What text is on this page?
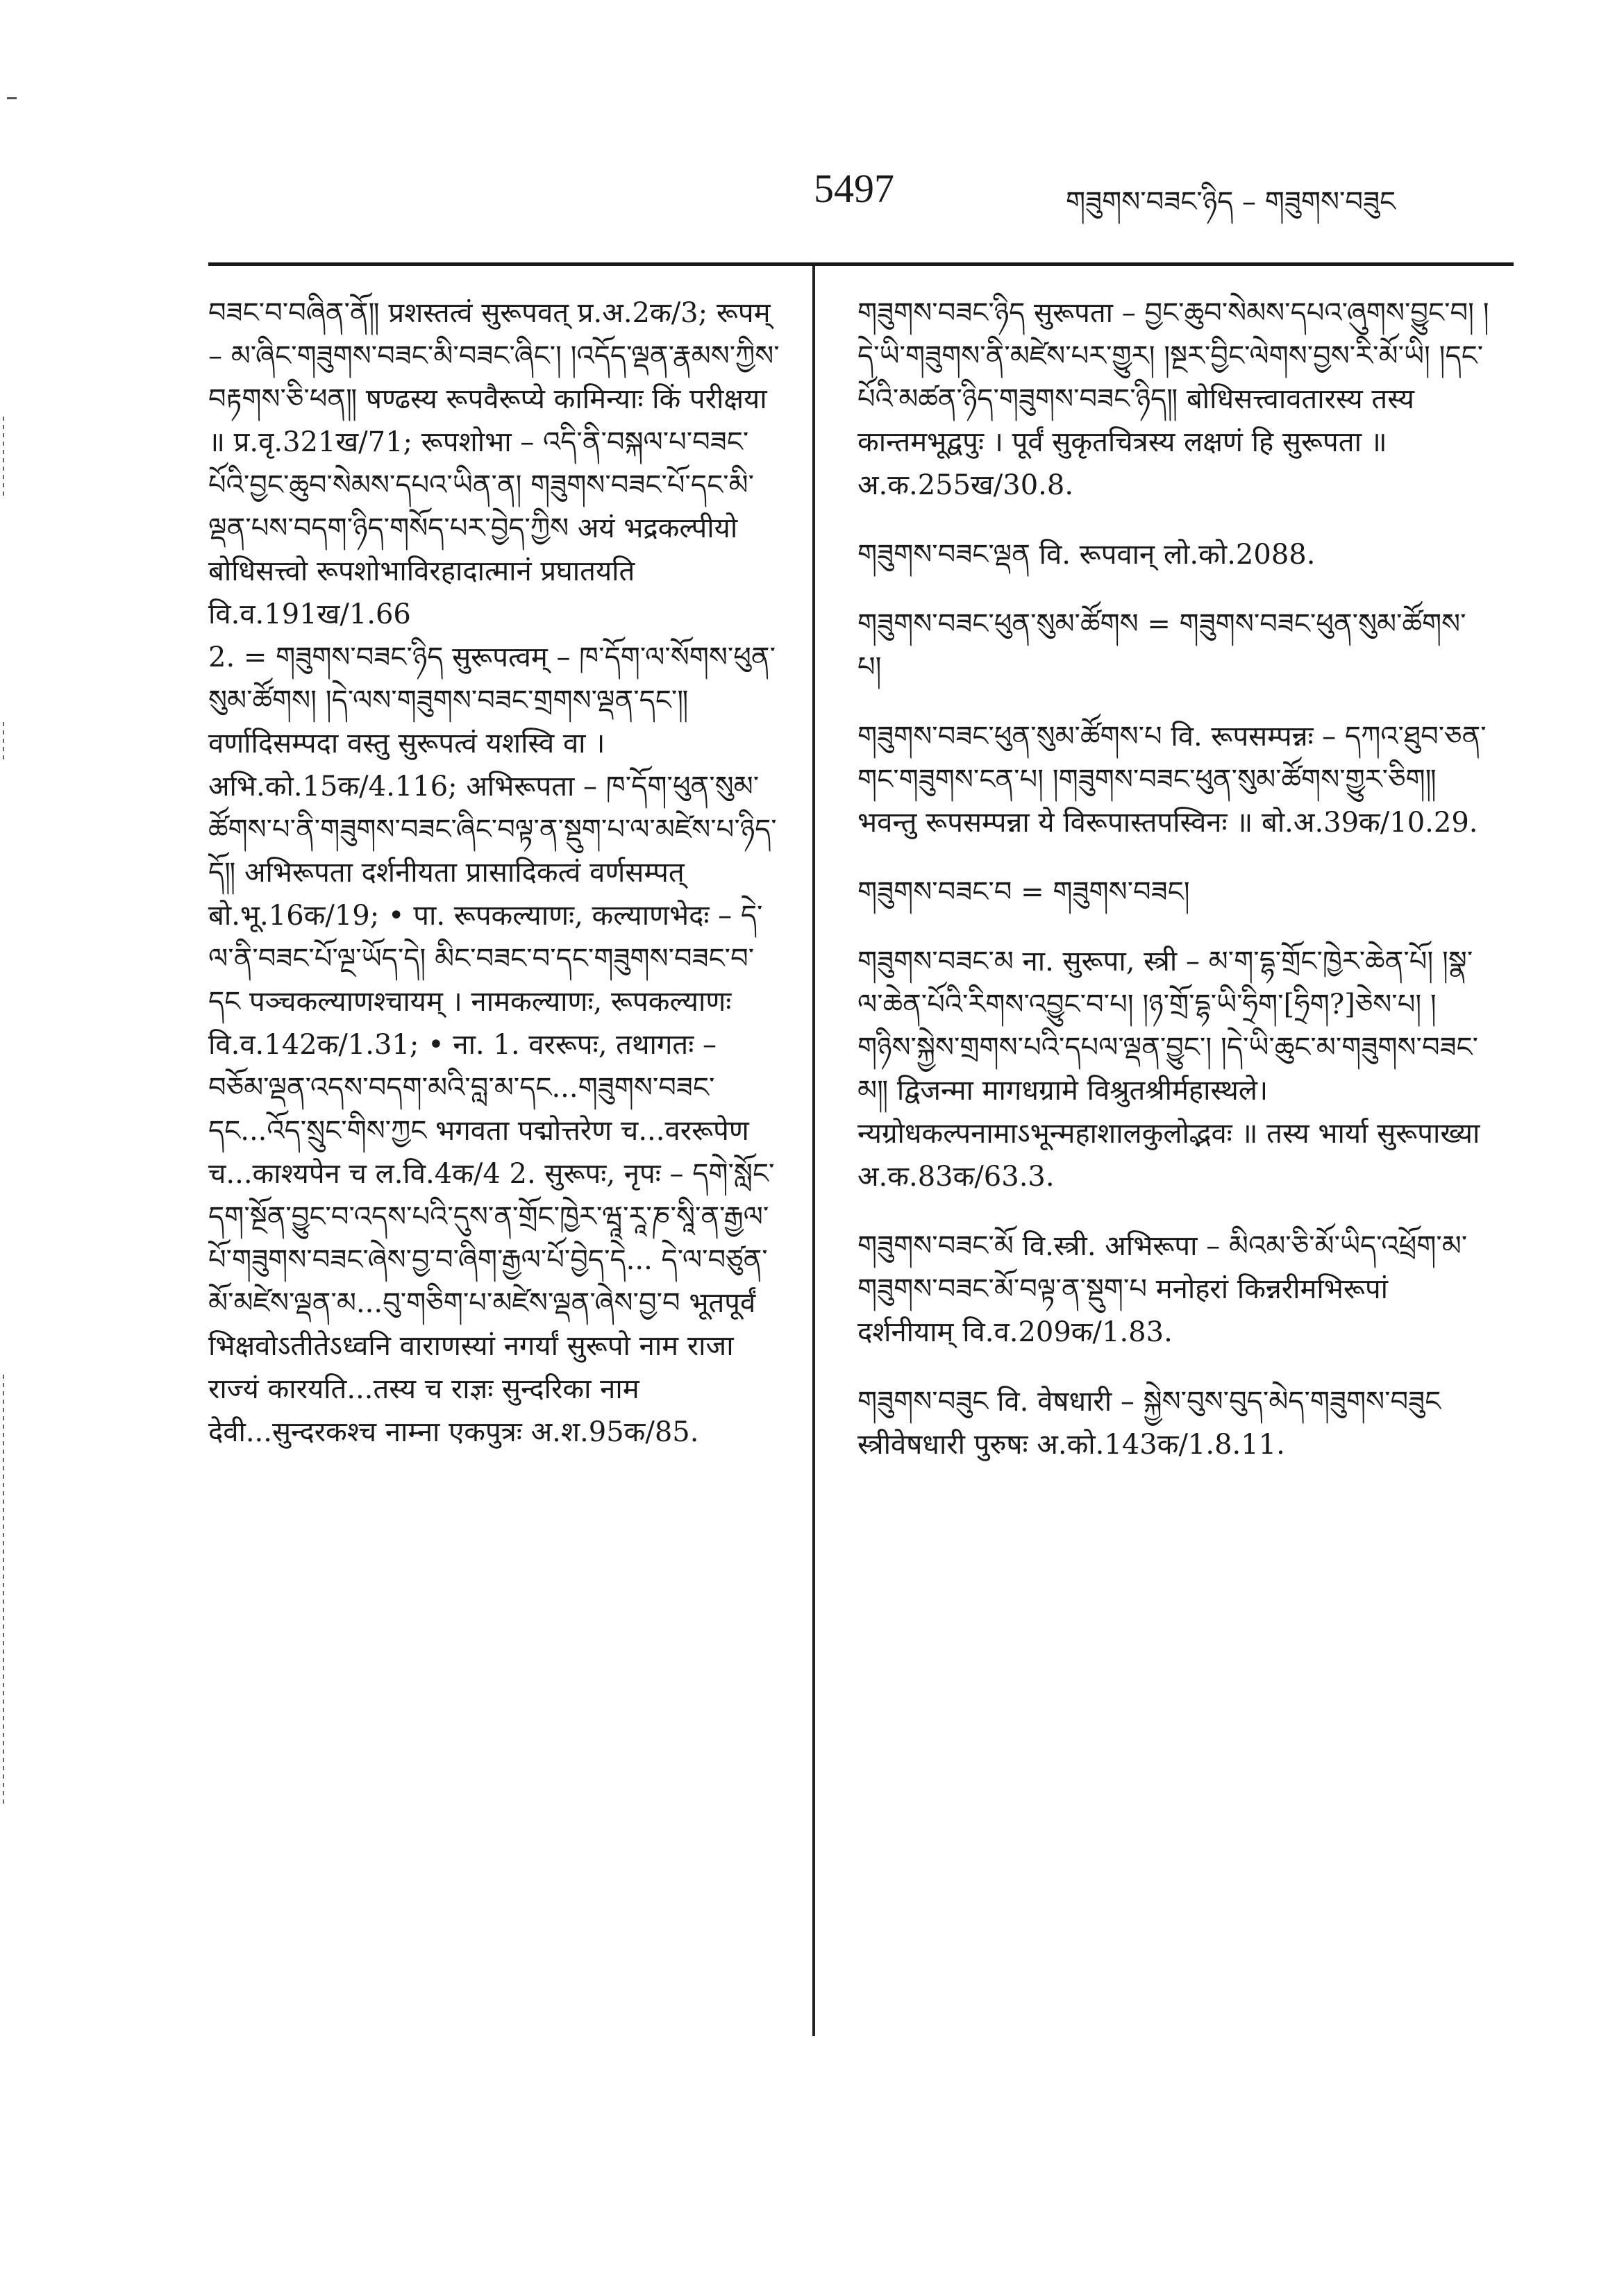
5497	གཟུགས་བཟང་ཉིད – གཟུགས་བཟུང
བཟང་བ་བཞིན་ནོ༎ प्रशस्तत्वं सुरूपवत् प्र.अ.2क/3; रूपम् – མ་ཞིང་གཟུགས་བཟང་མི་བཟང་ཞིང་། །འདོད་ལྡན་རྣམས་ཀྱིས་བརྟགས་ཅི་ཕན༎ षण्ढस्य रूपवैरूप्ये कामिन्याः किं परीक्षया ॥ प्र.वृ.321ख/71; रूपशोभा – འདི་ནི་བསྐལ་པ་བཟང་པོའི་བྱང་ཆུབ་སེམས་དཔའ་ཡིན་ན། གཟུགས་བཟང་པོ་དང་མི་ལྡན་པས་བདག་ཉིད་གསོད་པར་བྱེད་ཀྱིས अयं भद्रकल्पीयो बोधिसत्त्वो रूपशोभाविरहादात्मानं प्रघातयति वि.व.191ख/1.66
2. = གཟུགས་བཟང་ཉིད सुरूपत्वम् – ཁ་དོག་ལ་སོགས་ཕུན་སུམ་ཚོགས། །དེ་ལས་གཟུགས་བཟང་གྲགས་ལྡན་དང་༎ वर्णादिसम्पदा वस्तु सुरूपत्वं यशस्वि वा । अभि.को.15क/4.116; अभिरूपता – ཁ་དོག་ཕུན་སུམ་ཚོགས་པ་ནི་གཟུགས་བཟང་ཞིང་བལྟ་ན་སྡུག་པ་ལ་མཛེས་པ་ཉིད་དོ༎ अभिरूपता दर्शनीयता प्रासादिकत्वं वर्णसम्पत् बो.भू.16क/19; • पा. रूपकल्याणः, कल्याणभेदः – དེ་ལ་ནི་བཟང་པོ་ལྔ་ཡོད་དེ། མིང་བཟང་བ་དང་གཟུགས་བཟང་བ་དང पञ्चकल्याणश्चायम् । नामकल्याणः, रूपकल्याणः वि.व.142क/1.31; • ना. 1. वररूपः, तथागतः – བཅོམ་ལྡན་འདས་བདག་མའི་བླ་མ་དང...གཟུགས་བཟང་དང...འོད་སྲུང་གིས་ཀྱང भगवता पद्मोत्तरेण च...वररूपेण च...काश्यपेन च ल.वि.4क/4 2. सुरूपः, नृपः – དགེ་སློང་དག་སྔོན་བྱུང་བ་འདས་པའི་དུས་ན་གྲོང་ཁྱེར་ཝཱ་རཱ་ཎ་སཱི་ན་རྒྱལ་པོ་གཟུགས་བཟང་ཞེས་བྱ་བ་ཞིག་རྒྱལ་པོ་བྱེད་དེ... དེ་ལ་བཙུན་མོ་མཛེས་ལྡན་མ...བུ་གཅིག་པ་མཛེས་ལྡན་ཞེས་བྱ་བ भूतपूर्वं भिक्षवोऽतीतेऽध्वनि वाराणस्यां नगर्यां सुरूपो नाम राजा राज्यं कारयति...तस्य च राज्ञः सुन्दरिका नाम देवी...सुन्दरकश्च नाम्ना एकपुत्रः अ.श.95क/85.
གཟུགས་བཟང་ཉིད सुरूपता – བྱང་ཆུབ་སེམས་དཔའ་ཞུགས་བྱུང་བ། །དེ་ཡི་གཟུགས་ནི་མཛེས་པར་གྱུར། །སྔར་བྱིང་ལེགས་བྱས་རི་མོ་ཡི། །དང་པོའི་མཚན་ཉིད་གཟུགས་བཟང་ཉིད༎ बोधिसत्त्वावतारस्य तस्य कान्तमभूद्वपुः । पूर्वं सुकृतचित्रस्य लक्षणं हि सुरूपता ॥ अ.क.255ख/30.8.
གཟུགས་བཟང་ལྡན वि. रूपवान् लो.को.2088.
གཟུགས་བཟང་ཕུན་སུམ་ཚོགས = གཟུགས་བཟང་ཕུན་སུམ་ཚོགས་པ།
གཟུགས་བཟང་ཕུན་སུམ་ཚོགས་པ वि. रूपसम्पन्नः – དཀའ་ཐུབ་ཅན་གང་གཟུགས་ངན་པ། །གཟུགས་བཟང་ཕུན་སུམ་ཚོགས་གྱུར་ཅིག༎ भवन्तु रूपसम्पन्ना ये विरूपास्तपस्विनः ॥ बो.अ.39क/10.29.
གཟུགས་བཟང་བ = གཟུགས་བཟང།
གཟུགས་བཟང་མ ना. सुरूपा, स्त्री – མ་ག་དྷ་གྲོང་ཁྱེར་ཆེན་པོ། །སྣ་ལ་ཆེན་པོའི་རིགས་འབྱུང་བ་པ། །ཉ་གྲོ་དྷ་ཡི་ཧྲིག་[ཧྲིག?]ཅེས་པ། །གཉིས་སྐྱེས་གྲགས་པའི་དཔལ་ལྡན་བྱུང་། །དེ་ཡི་ཆུང་མ་གཟུགས་བཟང་མ༎ द्विजन्मा मागधग्रामे विश्रुतश्रीर्महास्थले। न्यग्रोधकल्पनामाऽभून्महाशालकुलोद्भवः ॥ तस्य भार्या सुरूपाख्या अ.क.83क/63.3.
གཟུགས་བཟང་མོ वि.स्त्री. अभिरूपा – མིའམ་ཅི་མོ་ཡིད་འཕྲོག་མ་གཟུགས་བཟང་མོ་བལྟ་ན་སྡུག་པ मनोहरां किन्नरीमभिरूपां दर्शनीयाम् वि.व.209क/1.83.
གཟུགས་བཟུང वि. वेषधारी – སྐྱེས་བུས་བུད་མེད་གཟུགས་བཟུང स्त्रीवेषधारी पुरुषः अ.को.143क/1.8.11.
